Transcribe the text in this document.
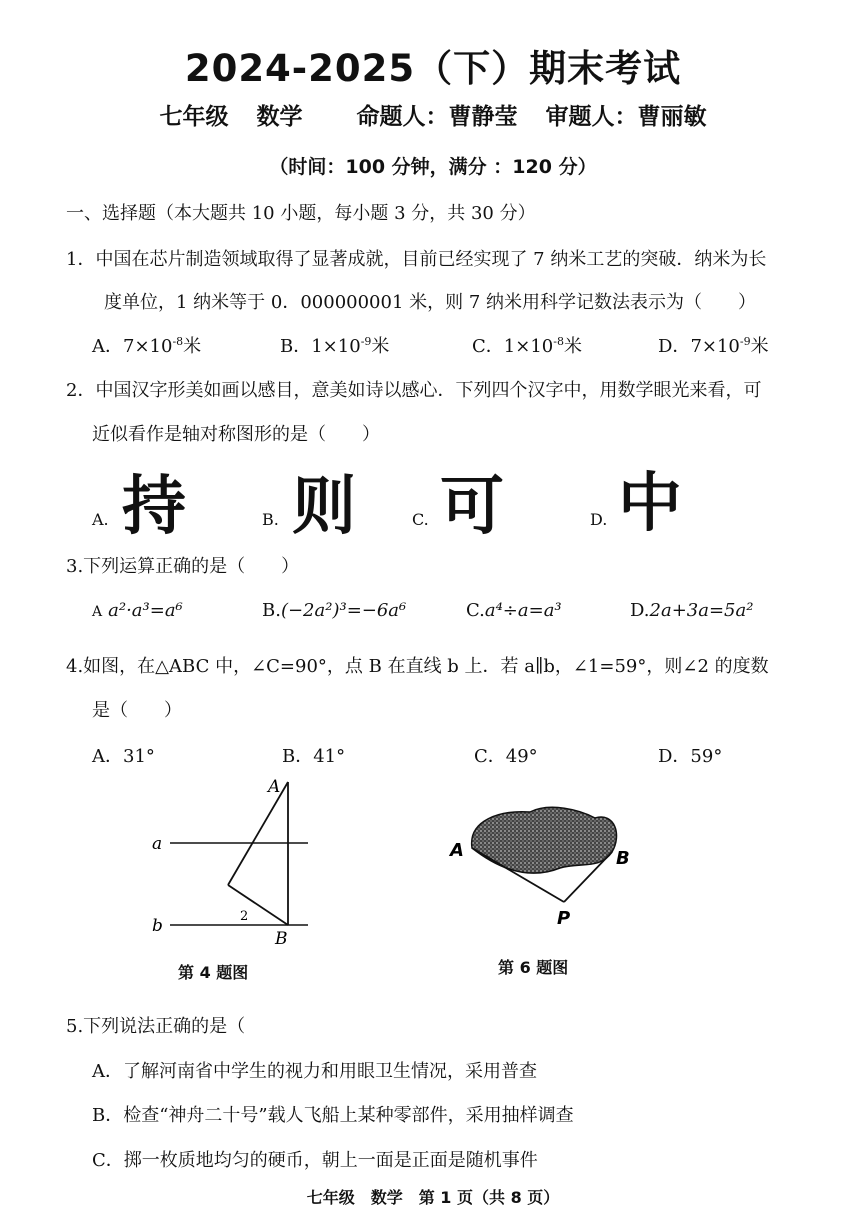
2024-2025（下）期末考试
七年级 数学 命题人：曹静莹 审题人：曹丽敏
（时间：100 分钟，满分 ：120 分）
一、选择题（本大题共 10 小题，每小题 3 分，共 30 分）
1．中国在芯片制造领域取得了显著成就，目前已经实现了 7 纳米工艺的突破．纳米为长
度单位，1 纳米等于 0．000000001 米，则 7 纳米用科学记数法表示为（　　）
A．$7\times 10^{-8}$米	B．$1\times 10^{-9}$米	C．$1\times 10^{-8}$米	D．$7\times 10^{-9}$米
2．中国汉字形美如画以感目，意美如诗以感心．下列四个汉字中，用数学眼光来看，可
近似看作是轴对称图形的是（　　）
A. 持	B. 则	C. 可	D. 中
3.下列运算正确的是（　　）
A a²·a³=a⁶	B.(−2a²)³=−6a⁶	C.a⁴÷a=a³	D.2a+3a=5a²
4.如图，在△ABC 中，∠C=90°，点 B 在直线 b 上．若 a∥b，∠1=59°，则∠2 的度数
是（　　）
A．31°	B．41°	C．49°	D．59°
A
a
b
B
2
第 4 题图
A	B
P
第 6 题图
5.下列说法正确的是（
A．了解河南省中学生的视力和用眼卫生情况，采用普查
B．检查“神舟二十号”载人飞船上某种零部件，采用抽样调查
C．掷一枚质地均匀的硬币，朝上一面是正面是随机事件
七年级　数学　第 1 页（共 8 页）
